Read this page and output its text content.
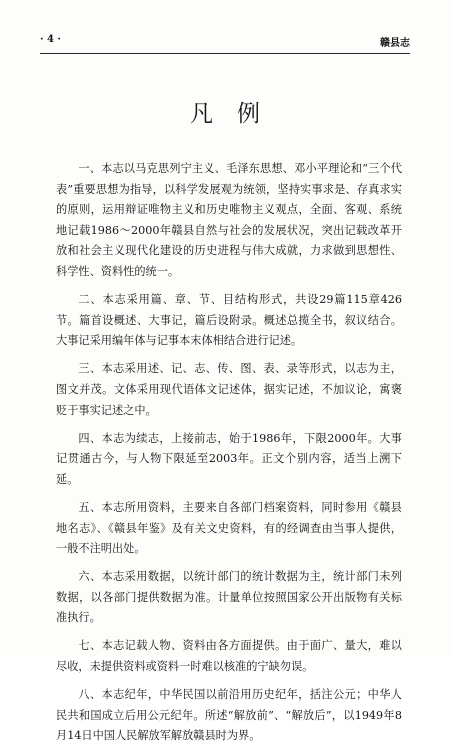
· 4 ·	赣县志
凡例

一、本志以马克思列宁主义、毛泽东思想、邓小平理论和“三个代表”重要思想为指导，以科学发展观为统领，坚持实事求是、存真求实的原则，运用辩证唯物主义和历史唯物主义观点，全面、客观、系统地记载1986～2000年赣县自然与社会的发展状况，突出记载改革开放和社会主义现代化建设的历史进程与伟大成就，力求做到思想性、科学性、资料性的统一。

二、本志采用篇、章、节、目结构形式，共设29篇115章426节。篇首设概述、大事记，篇后设附录。概述总揽全书，叙议结合。大事记采用编年体与记事本末体相结合进行记述。

三、本志采用述、记、志、传、图、表、录等形式，以志为主，图文并茂。文体采用现代语体文记述体，据实记述，不加议论，寓褒贬于事实记述之中。

四、本志为续志，上接前志，始于1986年，下限2000年。大事记贯通古今，与人物下限延至2003年。正文个别内容，适当上溯下延。

五、本志所用资料，主要来自各部门档案资料，同时参用《赣县地名志》、《赣县年鉴》及有关文史资料，有的经调查由当事人提供，一般不注明出处。

六、本志采用数据，以统计部门的统计数据为主，统计部门未列数据，以各部门提供数据为准。计量单位按照国家公开出版物有关标准执行。

七、本志记载人物、资料由各方面提供。由于面广、量大，难以尽收，未提供资料或资料一时难以核准的宁缺勿误。

八、本志纪年，中华民国以前沿用历史纪年，括注公元；中华人民共和国成立后用公元纪年。所述“解放前”、“解放后”，以1949年8月14日中国人民解放军解放赣县时为界。
